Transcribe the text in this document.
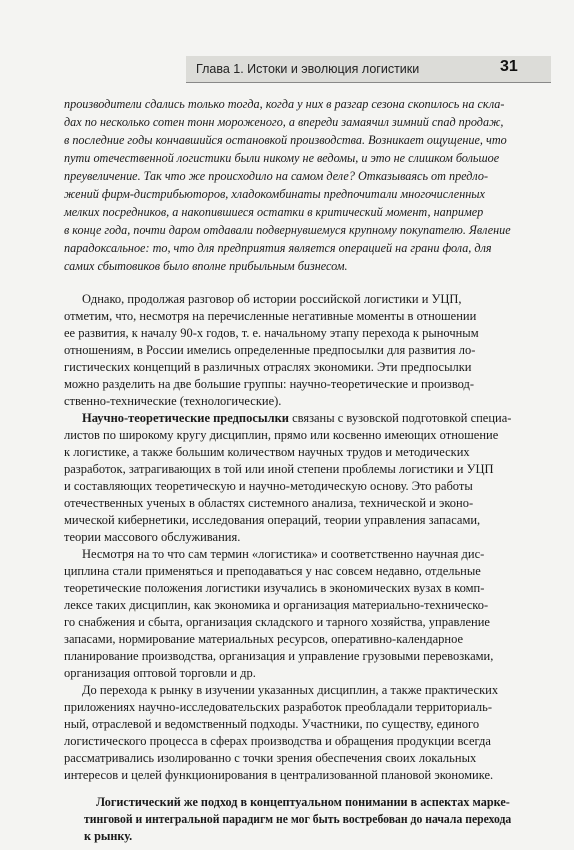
Глава 1. Истоки и эволюция логистики	31
производители сдались только тогда, когда у них в разгар сезона скопилось на скла-
дах по несколько сотен тонн мороженого, а впереди замаячил зимний спад продаж,
в последние годы кончавшийся остановкой производства. Возникает ощущение, что
пути отечественной логистики были никому не ведомы, и это не слишком большое
преувеличение. Так что же происходило на самом деле? Отказываясь от предло-
жений фирм-дистрибьюторов, хладокомбинаты предпочитали многочисленных
мелких посредников, а накопившиеся остатки в критический момент, например
в конце года, почти даром отдавали подвернувшемуся крупному покупателю. Явление
парадоксальное: то, что для предприятия является операцией на грани фола, для
самих сбытовиков было вполне прибыльным бизнесом.
Однако, продолжая разговор об истории российской логистики и УЦП,
отметим, что, несмотря на перечисленные негативные моменты в отношении
ее развития, к началу 90-х годов, т. е. начальному этапу перехода к рыночным
отношениям, в России имелись определенные предпосылки для развития ло-
гистических концепций в различных отраслях экономики. Эти предпосылки
можно разделить на две большие группы: научно-теоретические и производ-
ственно-технические (технологические).
Научно-теоретические предпосылки связаны с вузовской подготовкой специа-
листов по широкому кругу дисциплин, прямо или косвенно имеющих отношение
к логистике, а также большим количеством научных трудов и методических
разработок, затрагивающих в той или иной степени проблемы логистики и УЦП
и составляющих теоретическую и научно-методическую основу. Это работы
отечественных ученых в областях системного анализа, технической и эконо-
мической кибернетики, исследования операций, теории управления запасами,
теории массового обслуживания.
Несмотря на то что сам термин «логистика» и соответственно научная дис-
циплина стали применяться и преподаваться у нас совсем недавно, отдельные
теоретические положения логистики изучались в экономических вузах в комп-
лексе таких дисциплин, как экономика и организация материально-техническо-
го снабжения и сбыта, организация складского и тарного хозяйства, управление
запасами, нормирование материальных ресурсов, оперативно-календарное
планирование производства, организация и управление грузовыми перевозками,
организация оптовой торговли и др.
До перехода к рынку в изучении указанных дисциплин, а также практических
приложениях научно-исследовательских разработок преобладали территориаль-
ный, отраслевой и ведомственный подходы. Участники, по существу, единого
логистического процесса в сферах производства и обращения продукции всегда
рассматривались изолированно с точки зрения обеспечения своих локальных
интересов и целей функционирования в централизованной плановой экономике.
Логистический же подход в концептуальном понимании в аспектах марке-
тинговой и интегральной парадигм не мог быть востребован до начала перехода
к рынку.
